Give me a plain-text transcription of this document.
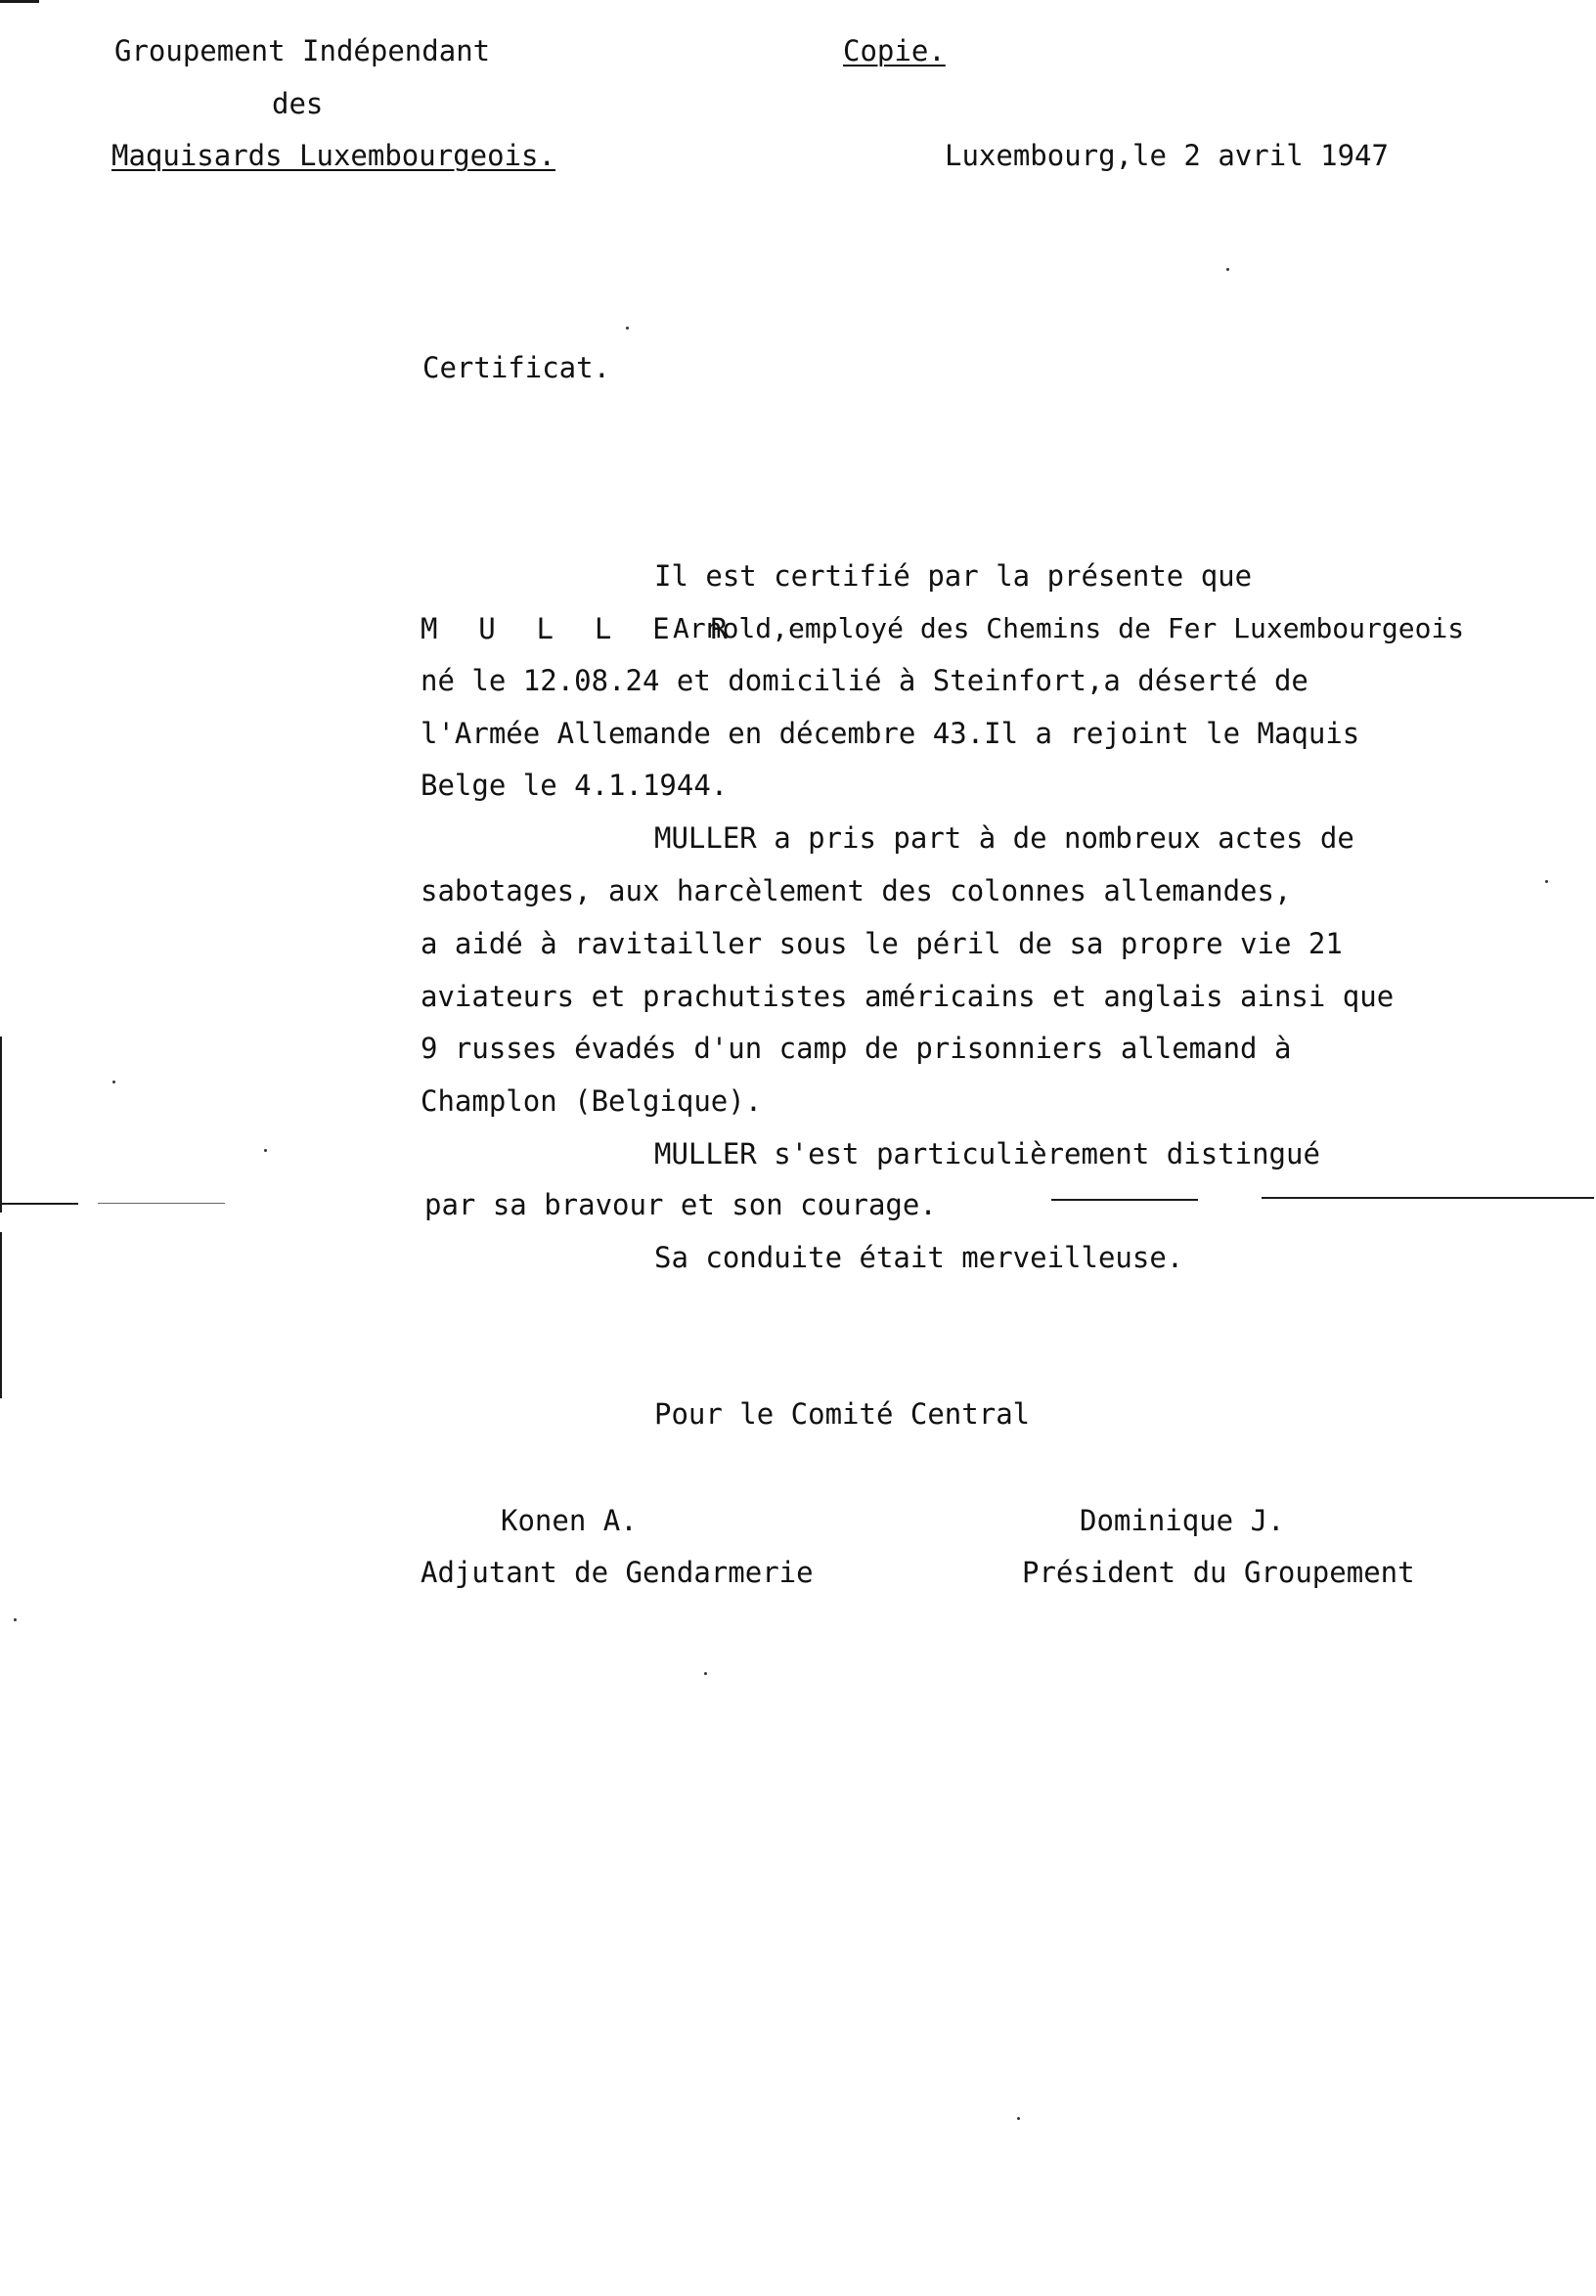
Groupement Indépendant
des
Maquisards Luxembourgeois.
Copie.
Luxembourg,le 2 avril 1947
Certificat.
Il est certifié par la présente que
M U L L E R
Arnold,employé des Chemins de Fer Luxembourgeois
né le 12.08.24 et domicilié à Steinfort,a déserté de
l'Armée Allemande en décembre 43.Il a rejoint le Maquis
Belge le 4.1.1944.
MULLER a pris part à de nombreux actes de
sabotages, aux harcèlement des colonnes allemandes,
a aidé à ravitailler sous le péril de sa propre vie 21
aviateurs et prachutistes américains et anglais ainsi que
9 russes évadés d'un camp de prisonniers allemand à
Champlon (Belgique).
MULLER s'est particulièrement distingué
par sa bravour et son courage.
Sa conduite était merveilleuse.
Pour le Comité Central
Konen A.
Adjutant de Gendarmerie
Dominique J.
Président du Groupement
